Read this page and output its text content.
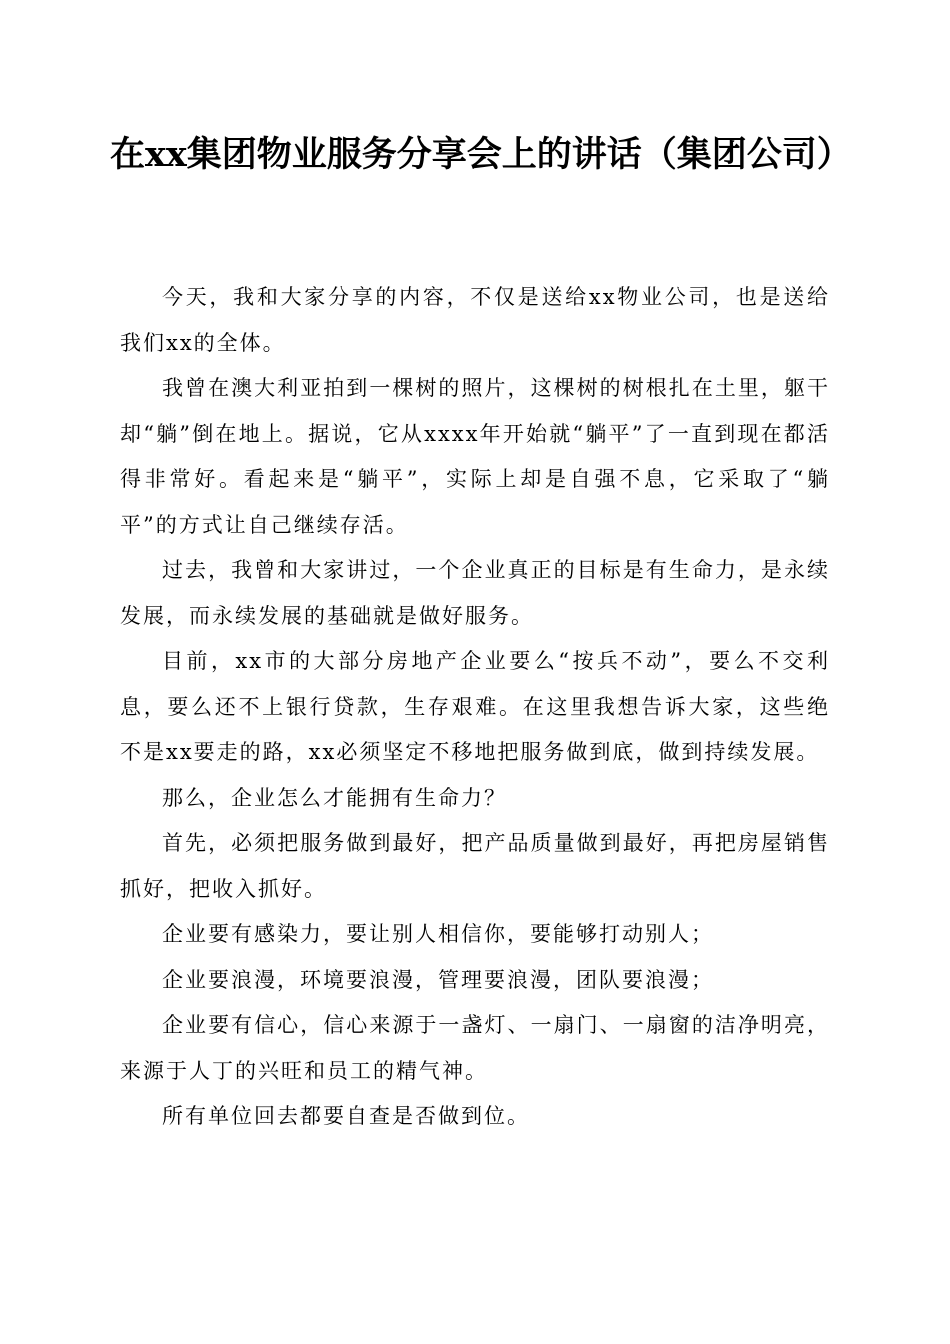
在xx集团物业服务分享会上的讲话（集团公司）

今天，我和大家分享的内容，不仅是送给xx物业公司，也是送给我们xx的全体。

我曾在澳大利亚拍到一棵树的照片，这棵树的树根扎在土里，躯干却“躺”倒在地上。据说，它从xxxx年开始就“躺平”了一直到现在都活得非常好。看起来是“躺平”，实际上却是自强不息，它采取了“躺平”的方式让自己继续存活。

过去，我曾和大家讲过，一个企业真正的目标是有生命力，是永续发展，而永续发展的基础就是做好服务。

目前，xx市的大部分房地产企业要么“按兵不动”，要么不交利息，要么还不上银行贷款，生存艰难。在这里我想告诉大家，这些绝不是xx要走的路，xx必须坚定不移地把服务做到底，做到持续发展。

那么，企业怎么才能拥有生命力？

首先，必须把服务做到最好，把产品质量做到最好，再把房屋销售抓好，把收入抓好。

企业要有感染力，要让别人相信你，要能够打动别人；

企业要浪漫，环境要浪漫，管理要浪漫，团队要浪漫；

企业要有信心，信心来源于一盏灯、一扇门、一扇窗的洁净明亮，来源于人丁的兴旺和员工的精气神。

所有单位回去都要自查是否做到位。
